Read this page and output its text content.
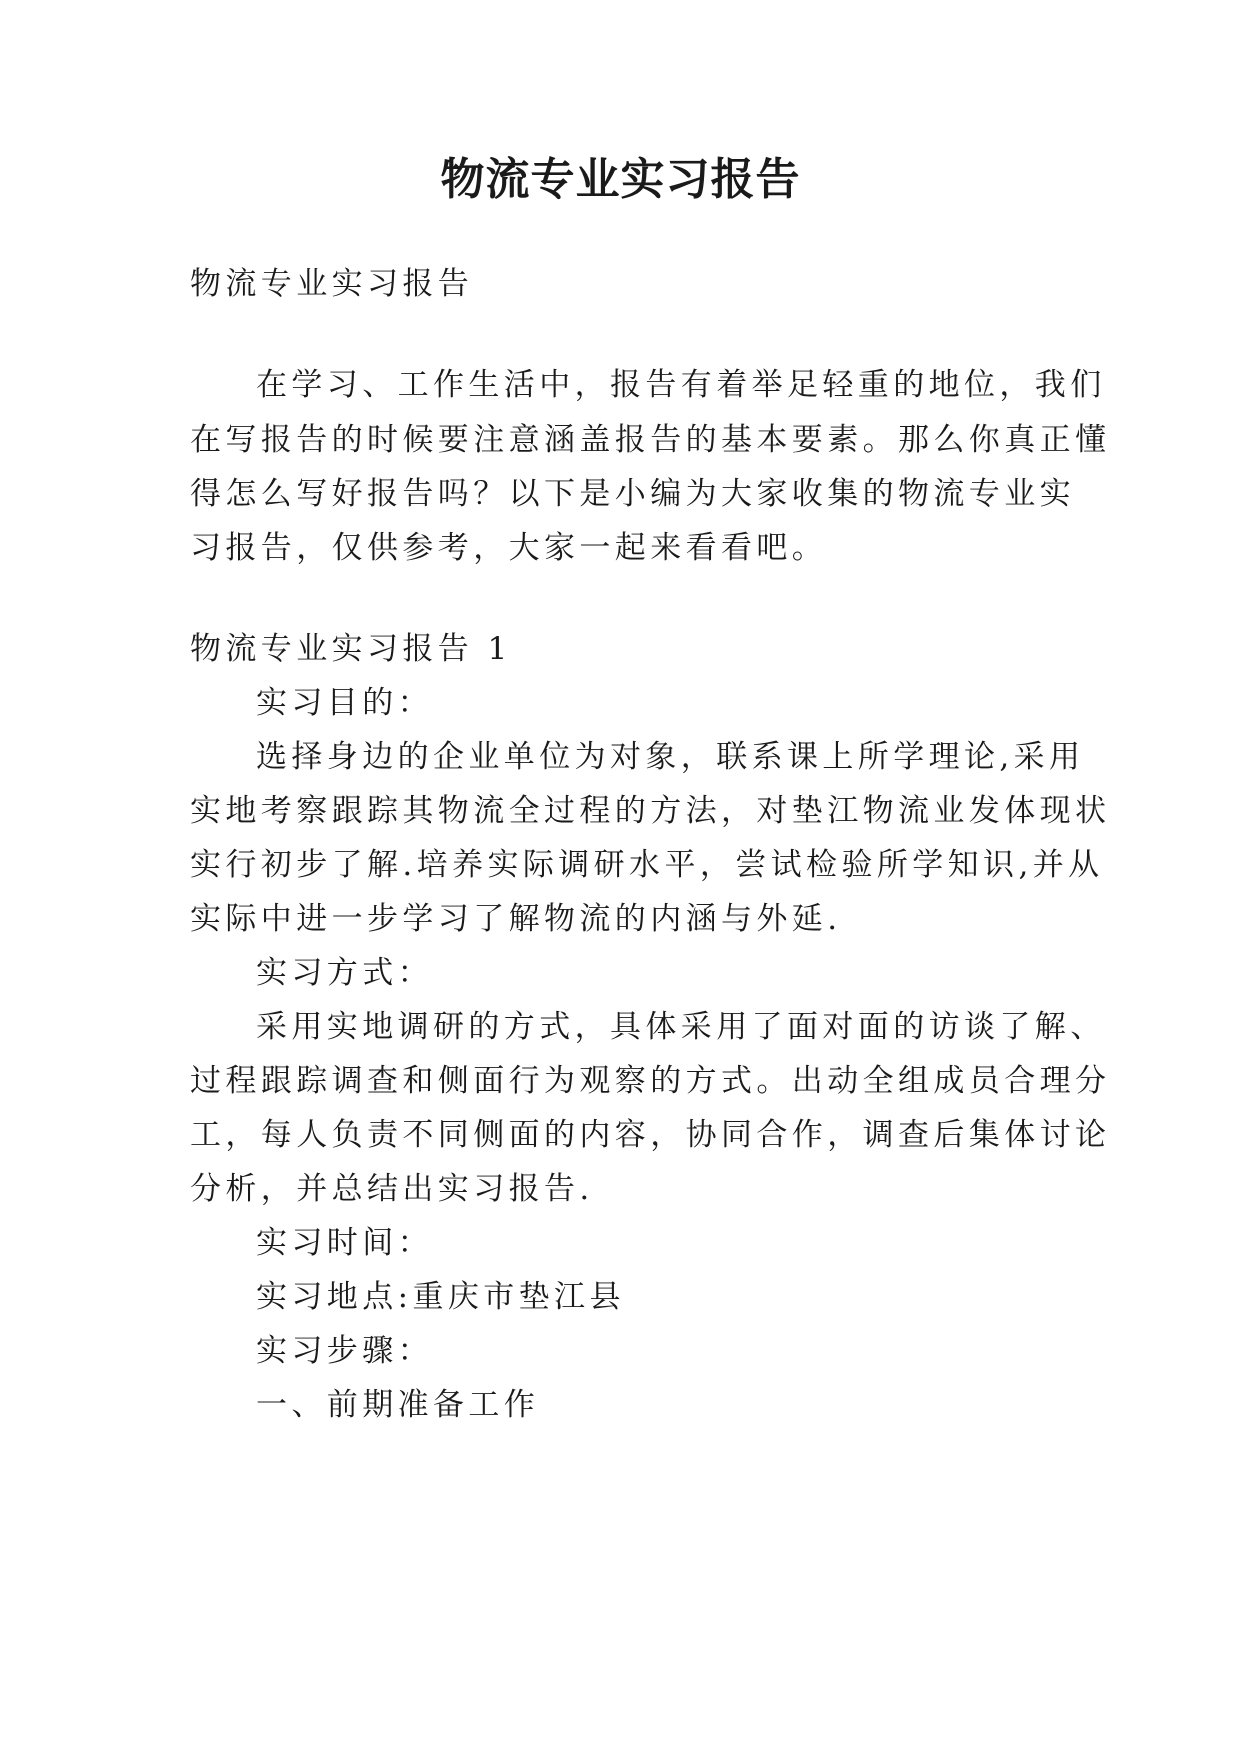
物流专业实习报告

物流专业实习报告

在学习、工作生活中，报告有着举足轻重的地位，我们

在写报告的时候要注意涵盖报告的基本要素。那么你真正懂

得怎么写好报告吗？以下是小编为大家收集的物流专业实

习报告，仅供参考，大家一起来看看吧。

物流专业实习报告 1

实习目的：

选择身边的企业单位为对象，联系课上所学理论,采用

实地考察跟踪其物流全过程的方法，对垫江物流业发体现状

实行初步了解.培养实际调研水平，尝试检验所学知识,并从

实际中进一步学习了解物流的内涵与外延.

实习方式：

采用实地调研的方式，具体采用了面对面的访谈了解、

过程跟踪调查和侧面行为观察的方式。出动全组成员合理分

工，每人负责不同侧面的内容，协同合作，调查后集体讨论

分析，并总结出实习报告.

实习时间：

实习地点:重庆市垫江县

实习步骤：

一、前期准备工作
